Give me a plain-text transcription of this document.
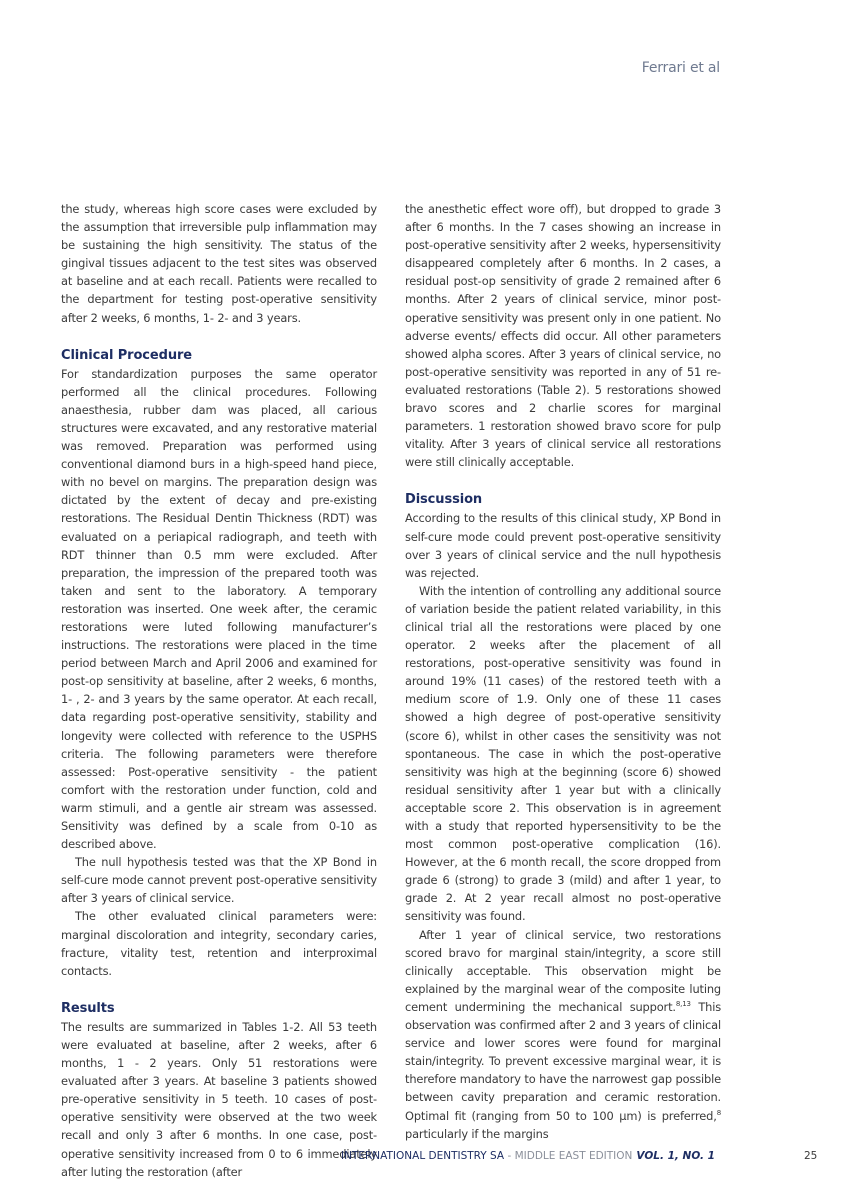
Ferrari et al

the study, whereas high score cases were excluded by the assumption that irreversible pulp inflammation may be sustaining the high sensitivity. The status of the gingival tissues adjacent to the test sites was observed at baseline and at each recall. Patients were recalled to the department for testing post-operative sensitivity after 2 weeks, 6 months, 1- 2- and 3 years.

Clinical Procedure

For standardization purposes the same operator performed all the clinical procedures. Following anaesthesia, rubber dam was placed, all carious structures were excavated, and any restorative material was removed. Preparation was performed using conventional diamond burs in a high-speed hand piece, with no bevel on margins. The preparation design was dictated by the extent of decay and pre-existing restorations. The Residual Dentin Thickness (RDT) was evaluated on a periapical radiograph, and teeth with RDT thinner than 0.5 mm were excluded. After preparation, the impression of the prepared tooth was taken and sent to the laboratory. A temporary restoration was inserted. One week after, the ceramic restorations were luted following manufacturer’s instructions. The restorations were placed in the time period between March and April 2006 and examined for post-op sensitivity at baseline, after 2 weeks, 6 months, 1- , 2- and 3 years by the same operator. At each recall, data regarding post-operative sensitivity, stability and longevity were collected with reference to the USPHS criteria. The following parameters were therefore assessed: Post-operative sensitivity - the patient comfort with the restoration under function, cold and warm stimuli, and a gentle air stream was assessed. Sensitivity was defined by a scale from 0-10 as described above.

The null hypothesis tested was that the XP Bond in self-cure mode cannot prevent post-operative sensitivity after 3 years of clinical service.

The other evaluated clinical parameters were: marginal discoloration and integrity, secondary caries, fracture, vitality test, retention and interproximal contacts.

Results

The results are summarized in Tables 1-2. All 53 teeth were evaluated at baseline, after 2 weeks, after 6 months, 1 - 2 years. Only 51 restorations were evaluated after 3 years. At baseline 3 patients showed pre-operative sensitivity in 5 teeth. 10 cases of post-operative sensitivity were observed at the two week recall and only 3 after 6 months. In one case, post-operative sensitivity increased from 0 to 6 immediately after luting the restoration (after

the anesthetic effect wore off), but dropped to grade 3 after 6 months. In the 7 cases showing an increase in post-operative sensitivity after 2 weeks, hypersensitivity disappeared completely after 6 months. In 2 cases, a residual post-op sensitivity of grade 2 remained after 6 months. After 2 years of clinical service, minor post-operative sensitivity was present only in one patient. No adverse events/ effects did occur. All other parameters showed alpha scores. After 3 years of clinical service, no post-operative sensitivity was reported in any of 51 re-evaluated restorations (Table 2). 5 restorations showed bravo scores and 2 charlie scores for marginal parameters. 1 restoration showed bravo score for pulp vitality. After 3 years of clinical service all restorations were still clinically acceptable.

Discussion

According to the results of this clinical study, XP Bond in self-cure mode could prevent post-operative sensitivity over 3 years of clinical service and the null hypothesis was rejected.

With the intention of controlling any additional source of variation beside the patient related variability, in this clinical trial all the restorations were placed by one operator. 2 weeks after the placement of all restorations, post-operative sensitivity was found in around 19% (11 cases) of the restored teeth with a medium score of 1.9. Only one of these 11 cases showed a high degree of post-operative sensitivity (score 6), whilst in other cases the sensitivity was not spontaneous. The case in which the post-operative sensitivity was high at the beginning (score 6) showed residual sensitivity after 1 year but with a clinically acceptable score 2. This observation is in agreement with a study that reported hypersensitivity to be the most common post-operative complication (16). However, at the 6 month recall, the score dropped from grade 6 (strong) to grade 3 (mild) and after 1 year, to grade 2. At 2 year recall almost no post-operative sensitivity was found.

After 1 year of clinical service, two restorations scored bravo for marginal stain/integrity, a score still clinically acceptable. This observation might be explained by the marginal wear of the composite luting cement undermining the mechanical support.$^{8,13}$ This observation was confirmed after 2 and 3 years of clinical service and lower scores were found for marginal stain/integrity. To prevent excessive marginal wear, it is therefore mandatory to have the narrowest gap possible between cavity preparation and ceramic restoration. Optimal fit (ranging from 50 to 100 µm) is preferred,$^8$ particularly if the margins

INTERNATIONAL DENTISTRY SA - MIDDLE EAST EDITION VOL. 1, NO. 1	25
